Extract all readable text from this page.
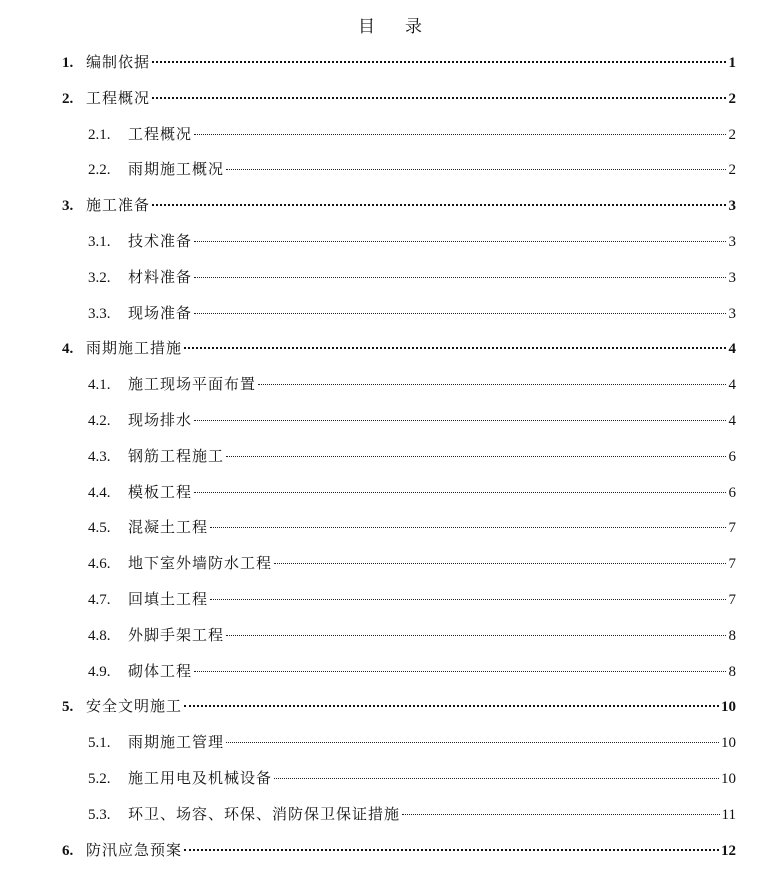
目 录
1. 编制依据	1
2. 工程概况	2
2.1.	工程概况	2
2.2.	雨期施工概况	2
3. 施工准备	3
3.1.	技术准备	3
3.2.	材料准备	3
3.3.	现场准备	3
4. 雨期施工措施	4
4.1.	施工现场平面布置	4
4.2.	现场排水	4
4.3.	钢筋工程施工	6
4.4.	模板工程	6
4.5.	混凝土工程	7
4.6.	地下室外墙防水工程	7
4.7.	回填土工程	7
4.8.	外脚手架工程	8
4.9.	砌体工程	8
5. 安全文明施工	10
5.1.	雨期施工管理	10
5.2.	施工用电及机械设备	10
5.3.	环卫、场容、环保、消防保卫保证措施	11
6. 防汛应急预案	12
